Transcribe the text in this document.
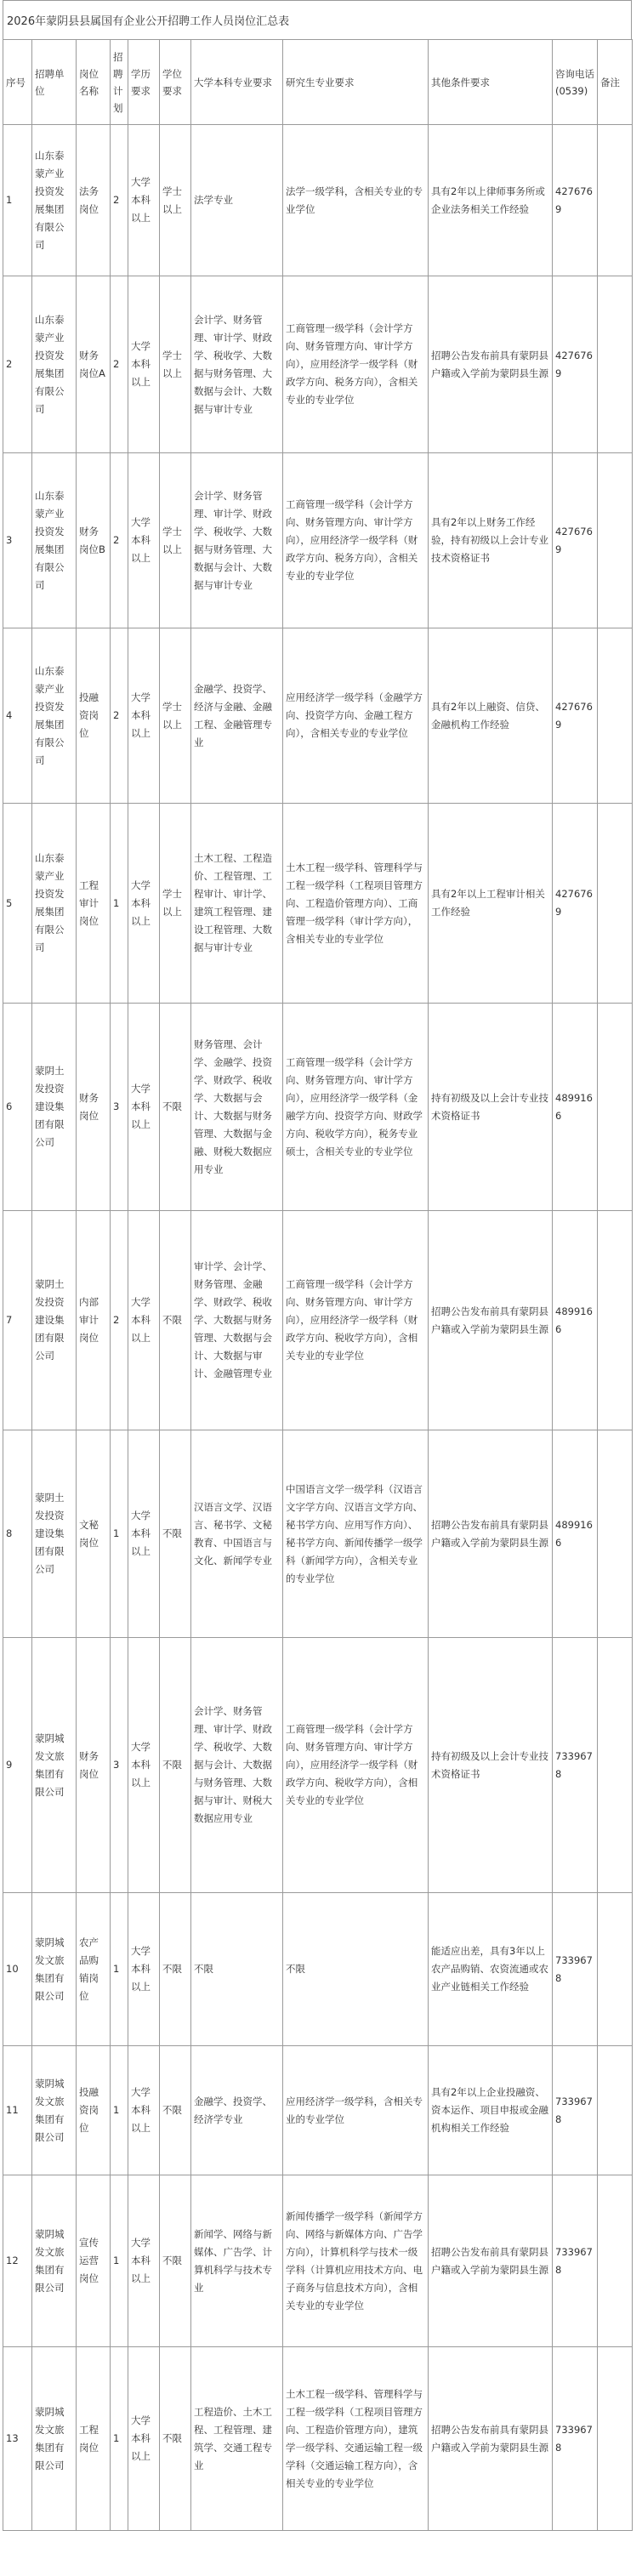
2026年蒙阴县县属国有企业公开招聘工作人员岗位汇总表
序号	招聘单位	岗位名称	招聘计划	学历要求	学位要求	大学本科专业要求	研究生专业要求	其他条件要求	咨询电话(0539)	备注
1	山东泰蒙产业投资发展集团有限公司	法务岗位	2	大学本科以上	学士以上	法学专业	法学一级学科，含相关专业的专业学位	具有2年以上律师事务所或企业法务相关工作经验	4276769	
2	山东泰蒙产业投资发展集团有限公司	财务岗位A	2	大学本科以上	学士以上	会计学、财务管理、审计学、财政学、税收学、大数据与财务管理、大数据与会计、大数据与审计专业	工商管理一级学科（会计学方向、财务管理方向、审计学方向），应用经济学一级学科（财政学方向、税务方向），含相关专业的专业学位	招聘公告发布前具有蒙阴县户籍或入学前为蒙阴县生源	4276769	
3	山东泰蒙产业投资发展集团有限公司	财务岗位B	2	大学本科以上	学士以上	会计学、财务管理、审计学、财政学、税收学、大数据与财务管理、大数据与会计、大数据与审计专业	工商管理一级学科（会计学方向、财务管理方向、审计学方向），应用经济学一级学科（财政学方向、税务方向），含相关专业的专业学位	具有2年以上财务工作经验，持有初级以上会计专业技术资格证书	4276769	
4	山东泰蒙产业投资发展集团有限公司	投融资岗位	2	大学本科以上	学士以上	金融学、投资学、经济与金融、金融工程、金融管理专业	应用经济学一级学科（金融学方向、投资学方向、金融工程方向），含相关专业的专业学位	具有2年以上融资、信贷、金融机构工作经验	4276769	
5	山东泰蒙产业投资发展集团有限公司	工程审计岗位	1	大学本科以上	学士以上	土木工程、工程造价、工程管理、工程审计、审计学、建筑工程管理、建设工程管理、大数据与审计专业	土木工程一级学科、管理科学与工程一级学科（工程项目管理方向、工程造价管理方向）、工商管理一级学科（审计学方向），含相关专业的专业学位	具有2年以上工程审计相关工作经验	4276769	
6	蒙阴土发投资建设集团有限公司	财务岗位	3	大学本科以上	不限	财务管理、会计学、金融学、投资学、财政学、税收学、大数据与会计、大数据与财务管理、大数据与金融、财税大数据应用专业	工商管理一级学科（会计学方向、财务管理方向、审计学方向），应用经济学一级学科（金融学方向、投资学方向、财政学方向、税收学方向），税务专业硕士，含相关专业的专业学位	持有初级及以上会计专业技术资格证书	4899166	
7	蒙阴土发投资建设集团有限公司	内部审计岗位	2	大学本科以上	不限	审计学、会计学、财务管理、金融学、财政学、税收学、大数据与财务管理、大数据与会计、大数据与审计、金融管理专业	工商管理一级学科（会计学方向、财务管理方向、审计学方向），应用经济学一级学科（财政学方向、税收学方向），含相关专业的专业学位	招聘公告发布前具有蒙阴县户籍或入学前为蒙阴县生源	4899166	
8	蒙阴土发投资建设集团有限公司	文秘岗位	1	大学本科以上	不限	汉语言文学、汉语言、秘书学、文秘教育、中国语言与文化、新闻学专业	中国语言文学一级学科（汉语言文字学方向、汉语言文学方向、秘书学方向、应用写作方向）、秘书学方向、新闻传播学一级学科（新闻学方向），含相关专业的专业学位	招聘公告发布前具有蒙阴县户籍或入学前为蒙阴县生源	4899166	
9	蒙阴城发文旅集团有限公司	财务岗位	3	大学本科以上	不限	会计学、财务管理、审计学、财政学、税收学、大数据与会计、大数据与财务管理、大数据与审计、财税大数据应用专业	工商管理一级学科（会计学方向、财务管理方向、审计学方向），应用经济学一级学科（财政学方向、税收学方向），含相关专业的专业学位	持有初级及以上会计专业技术资格证书	7339678	
10	蒙阴城发文旅集团有限公司	农产品购销岗位	1	大学本科以上	不限	不限	不限	能适应出差，具有3年以上农产品购销、农资流通或农业产业链相关工作经验	7339678	
11	蒙阴城发文旅集团有限公司	投融资岗位	1	大学本科以上	不限	金融学、投资学、经济学专业	应用经济学一级学科，含相关专业的专业学位	具有2年以上企业投融资、资本运作、项目申报或金融机构相关工作经验	7339678	
12	蒙阴城发文旅集团有限公司	宣传运营岗位	1	大学本科以上	不限	新闻学、网络与新媒体、广告学、计算机科学与技术专业	新闻传播学一级学科（新闻学方向、网络与新媒体方向、广告学方向），计算机科学与技术一级学科（计算机应用技术方向、电子商务与信息技术方向），含相关专业的专业学位	招聘公告发布前具有蒙阴县户籍或入学前为蒙阴县生源	7339678	
13	蒙阴城发文旅集团有限公司	工程岗位	1	大学本科以上	不限	工程造价、土木工程、工程管理、建筑学、交通工程专业	土木工程一级学科、管理科学与工程一级学科（工程项目管理方向、工程造价管理方向），建筑学一级学科、交通运输工程一级学科（交通运输工程方向），含相关专业的专业学位	招聘公告发布前具有蒙阴县户籍或入学前为蒙阴县生源	7339678	
